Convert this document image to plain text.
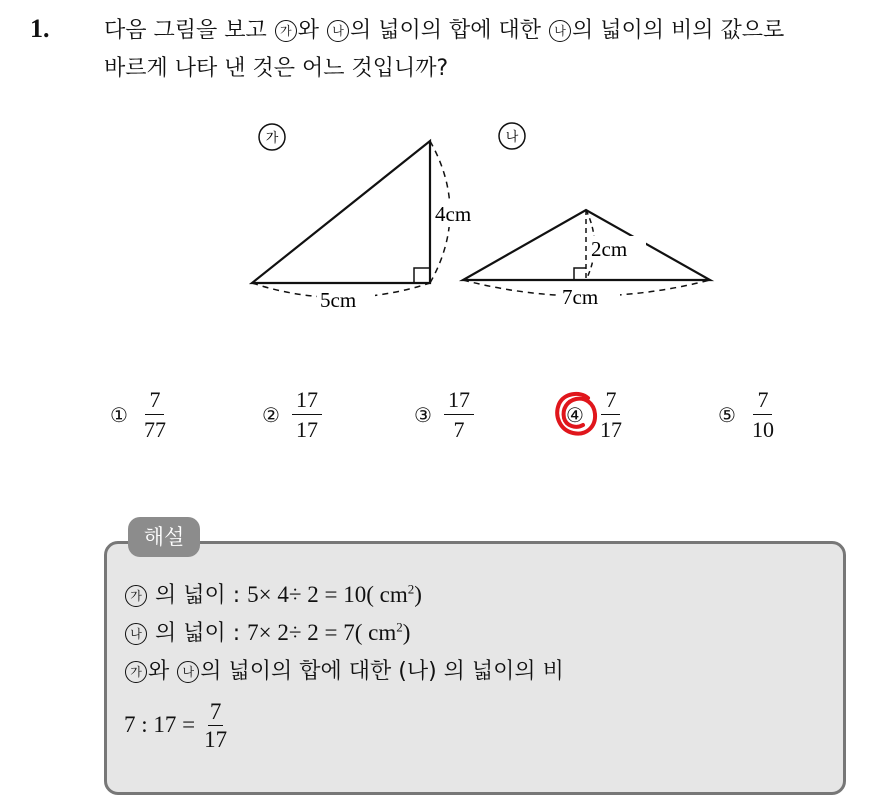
1. 다음 그림을 보고 가 와 나 의 넓이의 합에 대한 나 의 넓이의 비의 값으로
바르게 나타 낸 것은 어느 것입니까?
가
4cm
5cm
나
2cm
7cm
① $\frac{7}{77}$	② $\frac{17}{17}$	③ $\frac{17}{7}$	④ $\frac{7}{17}$	⑤ $\frac{7}{10}$
해설
가 의 넓이 : 5× 4÷ 2 = 10( $cm^2$)
나 의 넓이 : 7× 2÷ 2 = 7( $cm^2$)
가 와 나 의 넓이의 합에 대한 (나) 의 넓이의 비
7 : $17 = \frac{7}{17}$
